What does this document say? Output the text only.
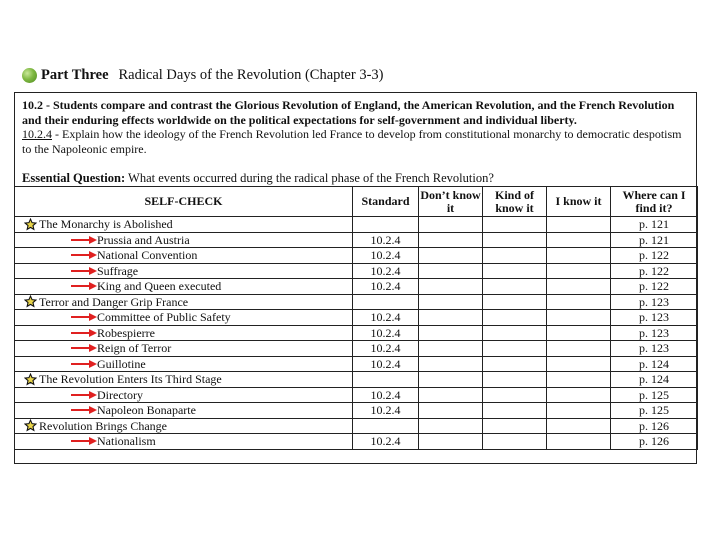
Part Three Radical Days of the Revolution (Chapter 3-3)

10.2 - Students compare and contrast the Glorious Revolution of England, the American Revolution, and the French Revolution and their enduring effects worldwide on the political expectations for self-government and individual liberty.

10.2.4 - Explain how the ideology of the French Revolution led France to develop from constitutional monarchy to democratic despotism to the Napoleonic empire.

Essential Question: What events occurred during the radical phase of the French Revolution?
SELF-CHECK	Standard	Don’t know it	Kind of know it	I know it	Where can I find it?

The Monarchy is Abolished					p. 121

Prussia and Austria	10.2.4				p. 121

National Convention	10.2.4				p. 122

Suffrage	10.2.4				p. 122

King and Queen executed	10.2.4				p. 122

Terror and Danger Grip France					p. 123

Committee of Public Safety	10.2.4				p. 123

Robespierre	10.2.4				p. 123

Reign of Terror	10.2.4				p. 123

Guillotine	10.2.4				p. 124

The Revolution Enters Its Third Stage					p. 124

Directory	10.2.4				p. 125

Napoleon Bonaparte	10.2.4				p. 125

Revolution Brings Change					p. 126

Nationalism	10.2.4				p. 126
